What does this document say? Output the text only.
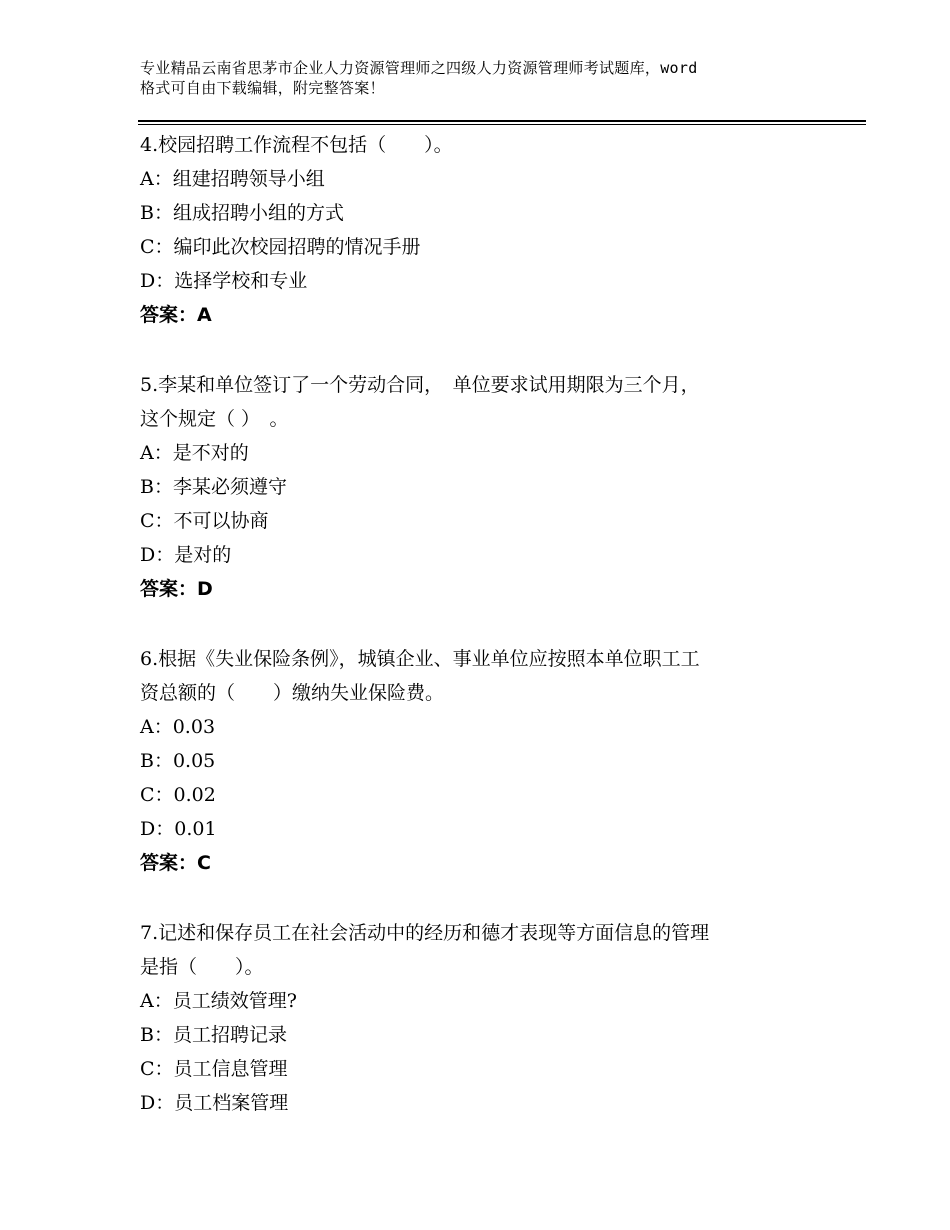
专业精品云南省思茅市企业人力资源管理师之四级人力资源管理师考试题库，word
格式可自由下载编辑，附完整答案！
4.校园招聘工作流程不包括（　　）。
A：组建招聘领导小组
B：组成招聘小组的方式
C：编印此次校园招聘的情况手册
D：选择学校和专业
答案：A
5.李某和单位签订了一个劳动合同，　单位要求试用期限为三个月，
这个规定（ ）　。
A：是不对的
B：李某必须遵守
C：不可以协商
D：是对的
答案：D
6.根据《失业保险条例》，城镇企业、事业单位应按照本单位职工工
资总额的（　　）缴纳失业保险费。
A：0.03
B：0.05
C：0.02
D：0.01
答案：C
7.记述和保存员工在社会活动中的经历和德才表现等方面信息的管理
是指（　　）。
A：员工绩效管理?
B：员工招聘记录
C：员工信息管理
D：员工档案管理
